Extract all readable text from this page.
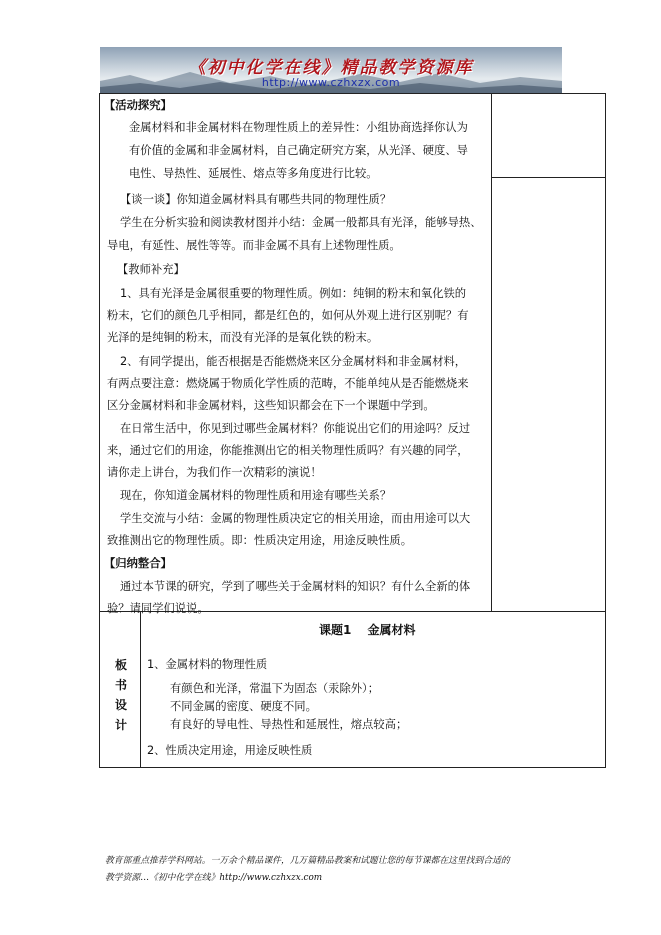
《初中化学在线》精品教学资源库
http://www.czhxzx.com
【活动探究】
金属材料和非金属材料在物理性质上的差异性：小组协商选择你认为
有价值的金属和非金属材料，自己确定研究方案，从光泽、硬度、导
电性、导热性、延展性、熔点等多角度进行比较。
【谈一谈】你知道金属材料具有哪些共同的物理性质？
学生在分析实验和阅读教材图并小结：金属一般都具有光泽，能够导热、
导电，有延性、展性等等。而非金属不具有上述物理性质。
【教师补充】
1、具有光泽是金属很重要的物理性质。例如：纯铜的粉末和氧化铁的
粉末，它们的颜色几乎相同，都是红色的，如何从外观上进行区别呢？有
光泽的是纯铜的粉末，而没有光泽的是氧化铁的粉末。
2、有同学提出，能否根据是否能燃烧来区分金属材料和非金属材料，
有两点要注意：燃烧属于物质化学性质的范畴，不能单纯从是否能燃烧来
区分金属材料和非金属材料，这些知识都会在下一个课题中学到。
在日常生活中，你见到过哪些金属材料？你能说出它们的用途吗？反过
来，通过它们的用途，你能推测出它的相关物理性质吗？有兴趣的同学，
请你走上讲台，为我们作一次精彩的演说！
现在，你知道金属材料的物理性质和用途有哪些关系？
学生交流与小结：金属的物理性质决定它的相关用途，而由用途可以大
致推测出它的物理性质。即：性质决定用途，用途反映性质。
【归纳整合】
通过本节课的研究，学到了哪些关于金属材料的知识？有什么全新的体
验？请同学们说说。
板
书
设
计
课题1　 金属材料
1、金属材料的物理性质
有颜色和光泽，常温下为固态（汞除外）；
不同金属的密度、硬度不同。
有良好的导电性、导热性和延展性，熔点较高；
2、性质决定用途，用途反映性质
教育部重点推荐学科网站。一万余个精品课件，几万篇精品教案和试题让您的每节课都在这里找到合适的
教学资源…《初中化学在线》http://www.czhxzx.com
